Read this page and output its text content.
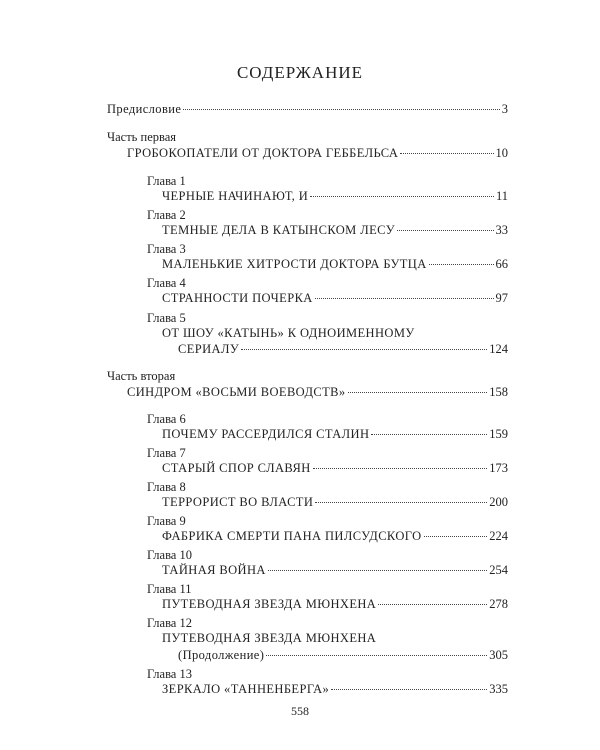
СОДЕРЖАНИЕ
Предисловие	3
Часть первая
ГРОБОКОПАТЕЛИ ОТ ДОКТОРА ГЕББЕЛЬСА	10
Глава 1
ЧЕРНЫЕ НАЧИНАЮТ, И	11
Глава 2
ТЕМНЫЕ ДЕЛА В КАТЫНСКОМ ЛЕСУ	33
Глава 3
МАЛЕНЬКИЕ ХИТРОСТИ ДОКТОРА БУТЦА	66
Глава 4
СТРАННОСТИ ПОЧЕРКА	97
Глава 5
ОТ ШОУ «КАТЫНЬ» К ОДНОИМЕННОМУ
СЕРИАЛУ	124
Часть вторая
СИНДРОМ «ВОСЬМИ ВОЕВОДСТВ»	158
Глава 6
ПОЧЕМУ РАССЕРДИЛСЯ СТАЛИН	159
Глава 7
СТАРЫЙ СПОР СЛАВЯН	173
Глава 8
ТЕРРОРИСТ ВО ВЛАСТИ	200
Глава 9
ФАБРИКА СМЕРТИ ПАНА ПИЛСУДСКОГО	224
Глава 10
ТАЙНАЯ ВОЙНА	254
Глава 11
ПУТЕВОДНАЯ ЗВЕЗДА МЮНХЕНА	278
Глава 12
ПУТЕВОДНАЯ ЗВЕЗДА МЮНХЕНА
(Продолжение)	305
Глава 13
ЗЕРКАЛО «ТАННЕНБЕРГА»	335
558
